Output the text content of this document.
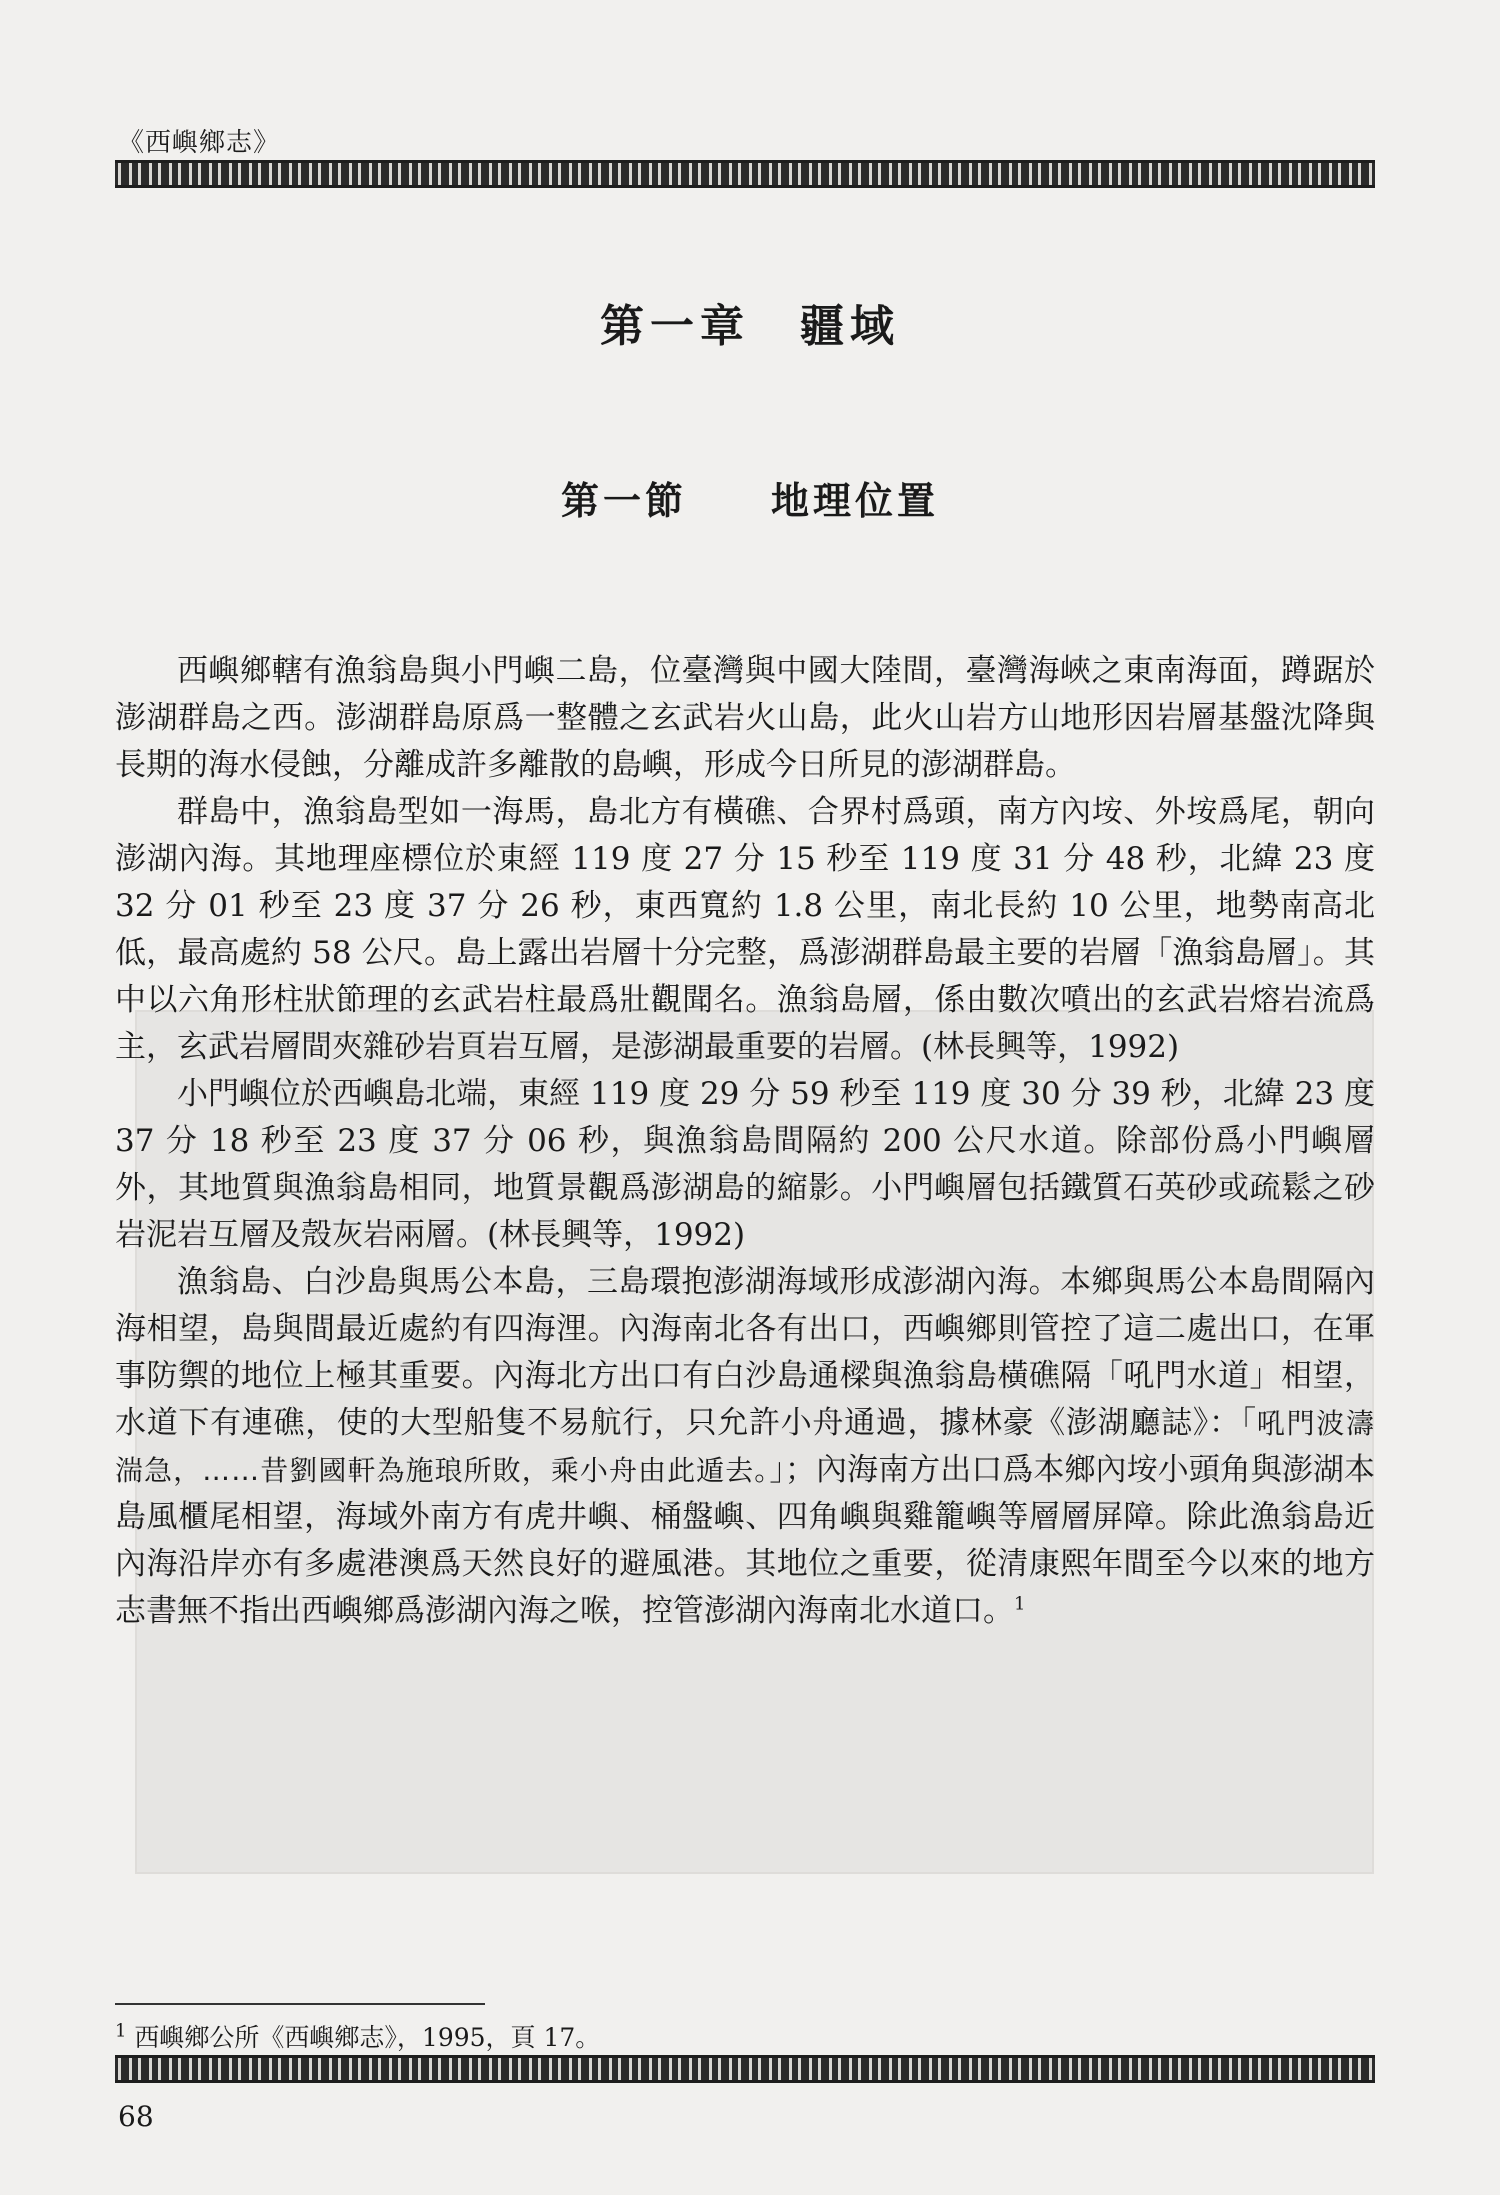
《西嶼鄉志》
第一章　疆域
第一節　　地理位置

西嶼鄉轄有漁翁島與小門嶼二島，位臺灣與中國大陸間，臺灣海峽之東南海面，蹲踞於澎湖群島之西。澎湖群島原爲一整體之玄武岩火山島，此火山岩方山地形因岩層基盤沈降與長期的海水侵蝕，分離成許多離散的島嶼，形成今日所見的澎湖群島。

群島中，漁翁島型如一海馬，島北方有橫礁、合界村爲頭，南方內垵、外垵爲尾，朝向澎湖內海。其地理座標位於東經 119 度 27 分 15 秒至 119 度 31 分 48 秒，北緯 23 度 32 分 01 秒至 23 度 37 分 26 秒，東西寬約 1.8 公里，南北長約 10 公里，地勢南高北低，最高處約 58 公尺。島上露出岩層十分完整，爲澎湖群島最主要的岩層「漁翁島層」。其中以六角形柱狀節理的玄武岩柱最爲壯觀聞名。漁翁島層，係由數次噴出的玄武岩熔岩流爲主，玄武岩層間夾雜砂岩頁岩互層，是澎湖最重要的岩層。(林長興等，1992)

小門嶼位於西嶼島北端，東經 119 度 29 分 59 秒至 119 度 30 分 39 秒，北緯 23 度 37 分 18 秒至 23 度 37 分 06 秒，與漁翁島間隔約 200 公尺水道。除部份爲小門嶼層外，其地質與漁翁島相同，地質景觀爲澎湖島的縮影。小門嶼層包括鐵質石英砂或疏鬆之砂岩泥岩互層及殼灰岩兩層。(林長興等，1992)

漁翁島、白沙島與馬公本島，三島環抱澎湖海域形成澎湖內海。本鄉與馬公本島間隔內海相望，島與間最近處約有四海浬。內海南北各有出口，西嶼鄉則管控了這二處出口，在軍事防禦的地位上極其重要。內海北方出口有白沙島通樑與漁翁島橫礁隔「吼門水道」相望，水道下有連礁，使的大型船隻不易航行，只允許小舟通過，據林豪《澎湖廳誌》：「吼門波濤湍急，……昔劉國軒為施琅所敗，乘小舟由此遁去。」；內海南方出口爲本鄉內垵小頭角與澎湖本島風櫃尾相望，海域外南方有虎井嶼、桶盤嶼、四角嶼與雞籠嶼等層層屏障。除此漁翁島近內海沿岸亦有多處港澳爲天然良好的避風港。其地位之重要，從清康熙年間至今以來的地方志書無不指出西嶼鄉爲澎湖內海之喉，控管澎湖內海南北水道口。$^1$

$^1$ 西嶼鄉公所《西嶼鄉志》，1995，頁 17。
68
